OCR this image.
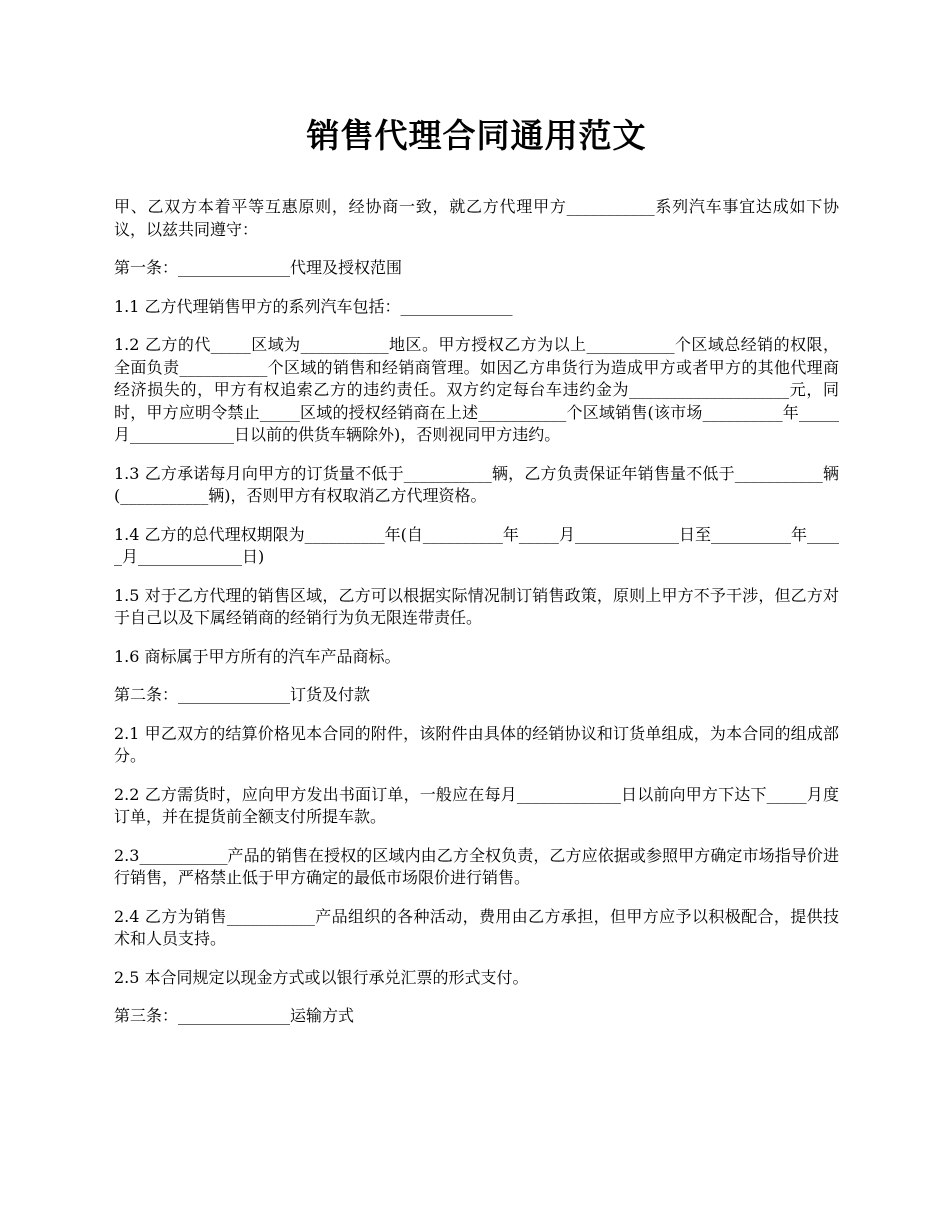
销售代理合同通用范文

甲、乙双方本着平等互惠原则，经协商一致，就乙方代理甲方___________系列汽车事宜达成如下协议，以兹共同遵守：

第一条：______________代理及授权范围

1.1 乙方代理销售甲方的系列汽车包括：______________

1.2 乙方的代_____区域为___________地区。甲方授权乙方为以上___________个区域总经销的权限，全面负责___________个区域的销售和经销商管理。如因乙方串货行为造成甲方或者甲方的其他代理商经济损失的，甲方有权追索乙方的违约责任。双方约定每台车违约金为____________________元，同时，甲方应明令禁止_____区域的授权经销商在上述___________个区域销售(该市场__________年_____月_____________日以前的供货车辆除外)，否则视同甲方违约。

1.3 乙方承诺每月向甲方的订货量不低于___________辆，乙方负责保证年销售量不低于___________辆(___________辆)，否则甲方有权取消乙方代理资格。

1.4 乙方的总代理权期限为__________年(自__________年_____月_____________日至__________年_____月_____________日)

1.5 对于乙方代理的销售区域，乙方可以根据实际情况制订销售政策，原则上甲方不予干涉，但乙方对于自己以及下属经销商的经销行为负无限连带责任。

1.6 商标属于甲方所有的汽车产品商标。

第二条：______________订货及付款

2.1 甲乙双方的结算价格见本合同的附件，该附件由具体的经销协议和订货单组成，为本合同的组成部分。

2.2 乙方需货时，应向甲方发出书面订单，一般应在每月_____________日以前向甲方下达下_____月度订单，并在提货前全额支付所提车款。

2.3___________产品的销售在授权的区域内由乙方全权负责，乙方应依据或参照甲方确定市场指导价进行销售，严格禁止低于甲方确定的最低市场限价进行销售。

2.4 乙方为销售___________产品组织的各种活动，费用由乙方承担，但甲方应予以积极配合，提供技术和人员支持。

2.5 本合同规定以现金方式或以银行承兑汇票的形式支付。

第三条：______________运输方式
